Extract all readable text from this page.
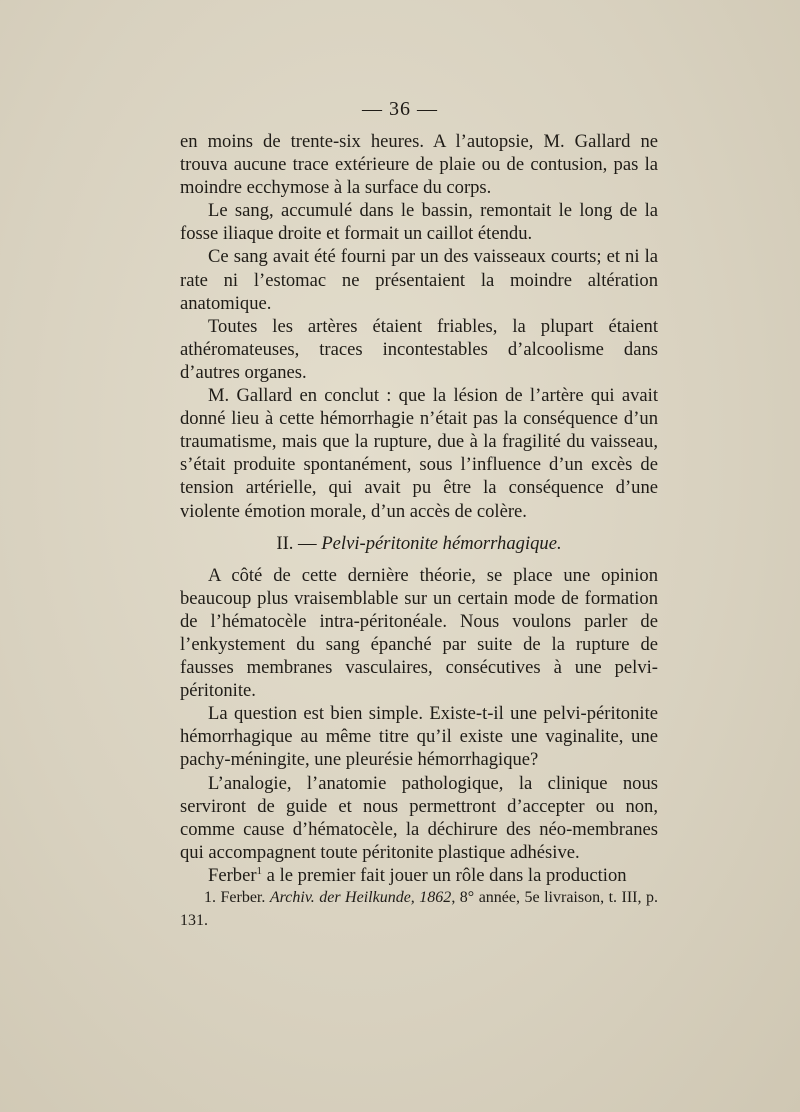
— 36 —

en moins de trente-six heures. A l’autopsie, M. Gallard ne trouva aucune trace extérieure de plaie ou de contusion, pas la moindre ecchymose à la surface du corps.

Le sang, accumulé dans le bassin, remontait le long de la fosse iliaque droite et formait un caillot étendu.

Ce sang avait été fourni par un des vaisseaux courts; et ni la rate ni l’estomac ne présentaient la moindre altération anatomique.

Toutes les artères étaient friables, la plupart étaient athéromateuses, traces incontestables d’alcoolisme dans d’autres organes.

M. Gallard en conclut : que la lésion de l’artère qui avait donné lieu à cette hémorrhagie n’était pas la conséquence d’un traumatisme, mais que la rupture, due à la fragilité du vaisseau, s’était produite spontanément, sous l’influence d’un excès de tension artérielle, qui avait pu être la conséquence d’une violente émotion morale, d’un accès de colère.

II. — Pelvi-péritonite hémorrhagique.

A côté de cette dernière théorie, se place une opinion beaucoup plus vraisemblable sur un certain mode de formation de l’hématocèle intra-péritonéale. Nous voulons parler de l’enkystement du sang épanché par suite de la rupture de fausses membranes vasculaires, consécutives à une pelvi-péritonite.

La question est bien simple. Existe-t-il une pelvi-péritonite hémorrhagique au même titre qu’il existe une vaginalite, une pachy-méningite, une pleurésie hémorrhagique?

L’analogie, l’anatomie pathologique, la clinique nous serviront de guide et nous permettront d’accepter ou non, comme cause d’hématocèle, la déchirure des néo-membranes qui accompagnent toute péritonite plastique adhésive.

Ferber$^1$ a le premier fait jouer un rôle dans la production

1. Ferber. Archiv. der Heilkunde, 1862, 8° année, 5e livraison, t. III, p. 131.
